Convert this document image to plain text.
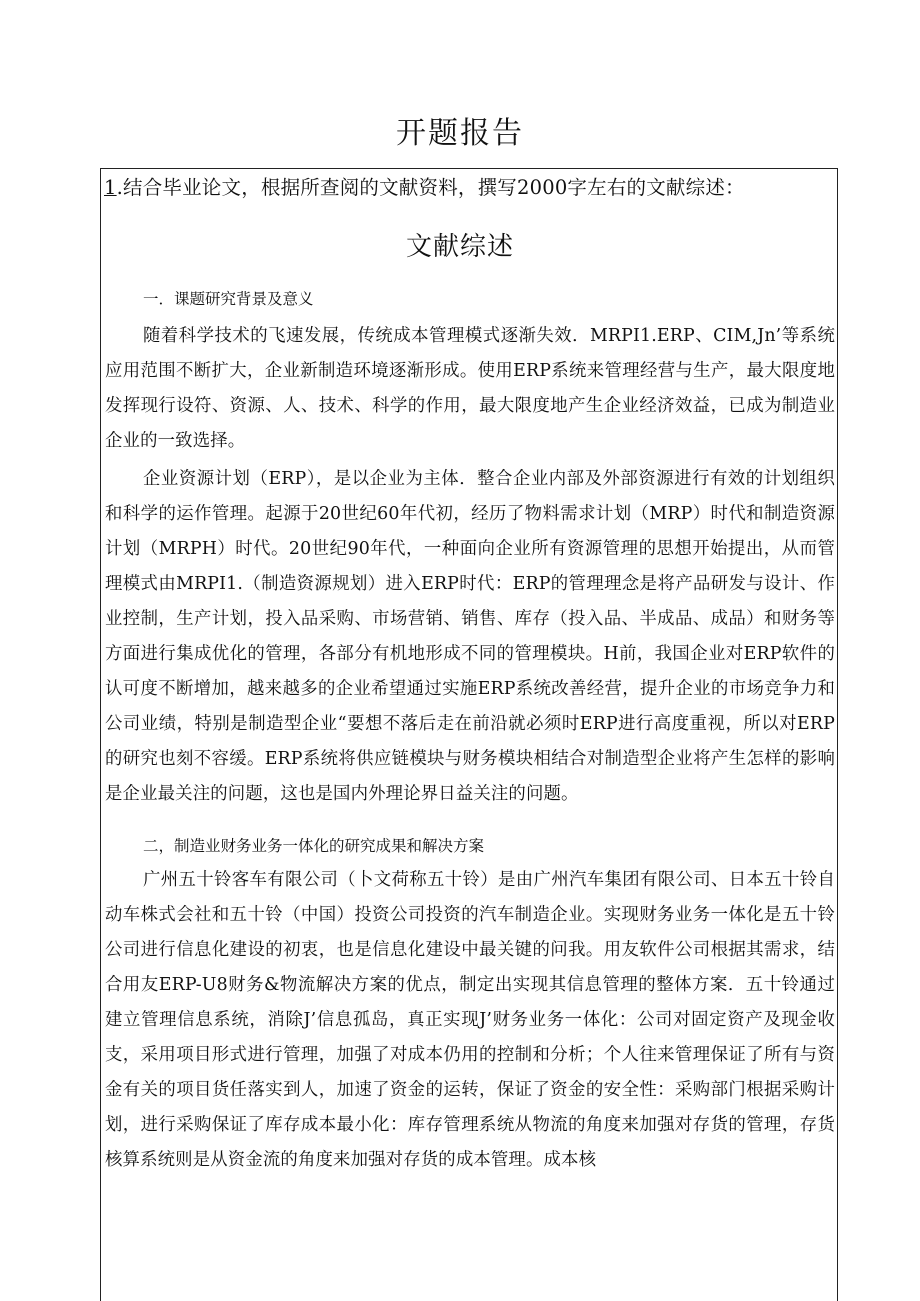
开题报告
1.结合毕业论文，根据所查阅的文献资料，撰写2000字左右的文献综述：
文献综述
一．课题研究背景及意义

随着科学技术的飞速发展，传统成本管理模式逐渐失效．MRPI1.ERP、CIM,Jn’等系统应用范围不断扩大，企业新制造环境逐渐形成。使用ERP系统来管理经营与生产，最大限度地发挥现行设符、资源、人、技术、科学的作用，最大限度地产生企业经济效益，已成为制造业企业的一致选择。

企业资源计划（ERP），是以企业为主体．整合企业内部及外部资源进行有效的计划组织和科学的运作管理。起源于20世纪60年代初，经历了物料需求计划（MRP）时代和制造资源计划（MRPH）时代。20世纪90年代，一种面向企业所有资源管理的思想开始提出，从而管理模式由MRPI1.（制造资源规划）进入ERP时代：ERP的管理理念是将产品研发与设计、作业控制，生产计划，投入品采购、市场营销、销售、库存（投入品、半成品、成品）和财务等方面进行集成优化的管理，各部分有机地形成不同的管理模块。H前，我国企业对ERP软件的认可度不断增加，越来越多的企业希望通过实施ERP系统改善经营，提升企业的市场竞争力和公司业绩，特别是制造型企业“要想不落后走在前沿就必须时ERP进行高度重视，所以对ERP的研究也刻不容缓。ERP系统将供应链模块与财务模块相结合对制造型企业将产生怎样的影响是企业最关注的问题，这也是国内外理论界日益关注的问题。

二，制造业财务业务一体化的研究成果和解决方案

广州五十铃客车有限公司（卜文荷称五十铃）是由广州汽车集团有限公司、日本五十铃自动车株式会社和五十铃（中国）投资公司投资的汽车制造企业。实现财务业务一体化是五十铃公司进行信息化建设的初衷，也是信息化建设中最关键的问我。用友软件公司根据其需求，结合用友ERP-U8财务&物流解决方案的优点，制定出实现其信息管理的整体方案．五十铃通过建立管理信息系统，消除J’信息孤岛，真正实现J’财务业务一体化：公司对固定资产及现金收支，采用项目形式进行管理，加强了对成本仍用的控制和分析；个人往来管理保证了所有与资金有关的项目货任落实到人，加速了资金的运转，保证了资金的安全性：采购部门根据采购计划，进行采购保证了库存成本最小化：库存管理系统从物流的角度来加强对存货的管理，存货核算系统则是从资金流的角度来加强对存货的成本管理。成本核
